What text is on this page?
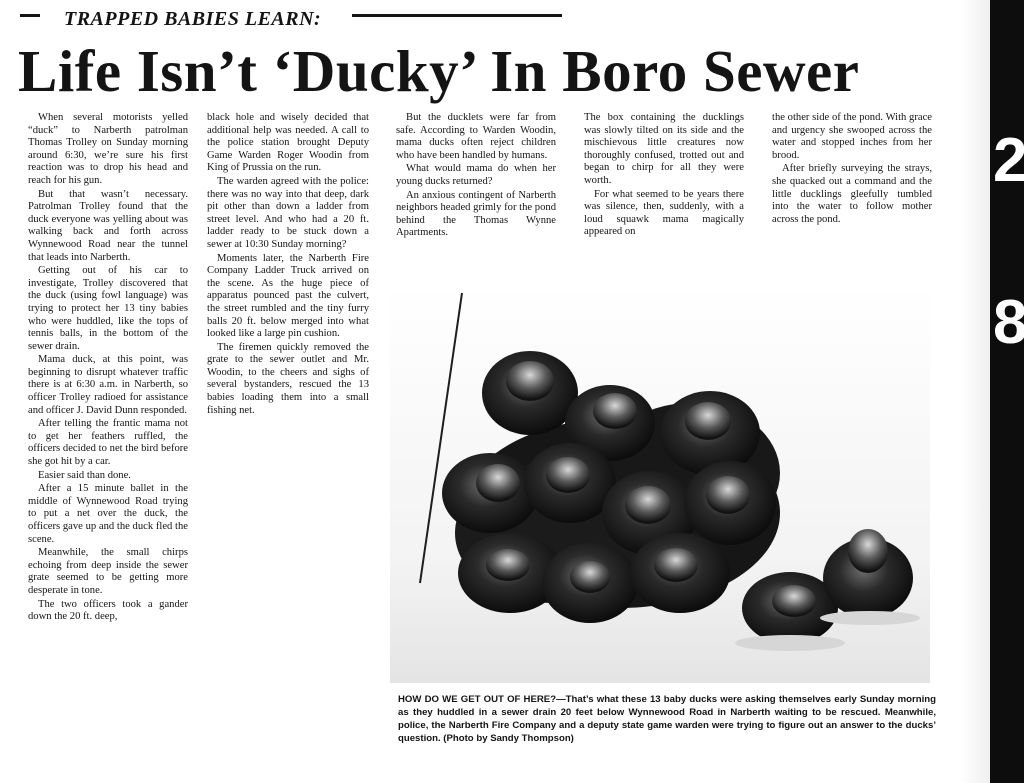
TRAPPED BABIES LEARN:
Life Isn’t ‘Ducky’ In Boro Sewer

When several motorists yelled “duck” to Narberth patrolman Thomas Trolley on Sunday morning around 6:30, we’re sure his first reaction was to drop his head and reach for his gun.

But that wasn’t necessary. Patrolman Trolley found that the duck everyone was yelling about was walking back and forth across Wynnewood Road near the tunnel that leads into Narberth.

Getting out of his car to investigate, Trolley discovered that the duck (using fowl language) was trying to protect her 13 tiny babies who were huddled, like the tops of tennis balls, in the bottom of the sewer drain.

Mama duck, at this point, was beginning to disrupt whatever traffic there is at 6:30 a.m. in Narberth, so officer Trolley radioed for assistance and officer J. David Dunn responded.

After telling the frantic mama not to get her feathers ruffled, the officers decided to net the bird before she got hit by a car.

Easier said than done.

After a 15 minute ballet in the middle of Wynnewood Road trying to put a net over the duck, the officers gave up and the duck fled the scene.

Meanwhile, the small chirps echoing from deep inside the sewer grate seemed to be getting more desperate in tone.

The two officers took a gander down the 20 ft. deep,

black hole and wisely decided that additional help was needed. A call to the police station brought Deputy Game Warden Roger Woodin from King of Prussia on the run.

The warden agreed with the police: there was no way into that deep, dark pit other than down a ladder from street level. And who had a 20 ft. ladder ready to be stuck down a sewer at 10:30 Sunday morning?

Moments later, the Narberth Fire Company Ladder Truck arrived on the scene. As the huge piece of apparatus pounced past the culvert, the street rumbled and the tiny furry balls 20 ft. below merged into what looked like a large pin cushion.

The firemen quickly removed the grate to the sewer outlet and Mr. Woodin, to the cheers and sighs of several bystanders, rescued the 13 babies loading them into a small fishing net.

But the ducklets were far from safe. According to Warden Woodin, mama ducks often reject children who have been handled by humans.

What would mama do when her young ducks returned?

An anxious contingent of Narberth neighbors headed grimly for the pond behind the Thomas Wynne Apartments.

The box containing the ducklings was slowly tilted on its side and the mischievous little creatures now thoroughly confused, trotted out and began to chirp for all they were worth.

For what seemed to be years there was silence, then, suddenly, with a loud squawk mama magically appeared on

the other side of the pond. With grace and urgency she swooped across the water and stopped inches from her brood.

After briefly surveying the strays, she quacked out a command and the little ducklings gleefully tumbled into the water to follow mother across the pond.

HOW DO WE GET OUT OF HERE?—That’s what these 13 baby ducks were asking themselves early Sunday morning as they huddled in a sewer drain 20 feet below Wynnewood Road in Narberth waiting to be rescued. Meanwhile, police, the Narberth Fire Company and a deputy state game warden were trying to figure out an answer to the ducks’ question. (Photo by Sandy Thompson)
2
8
